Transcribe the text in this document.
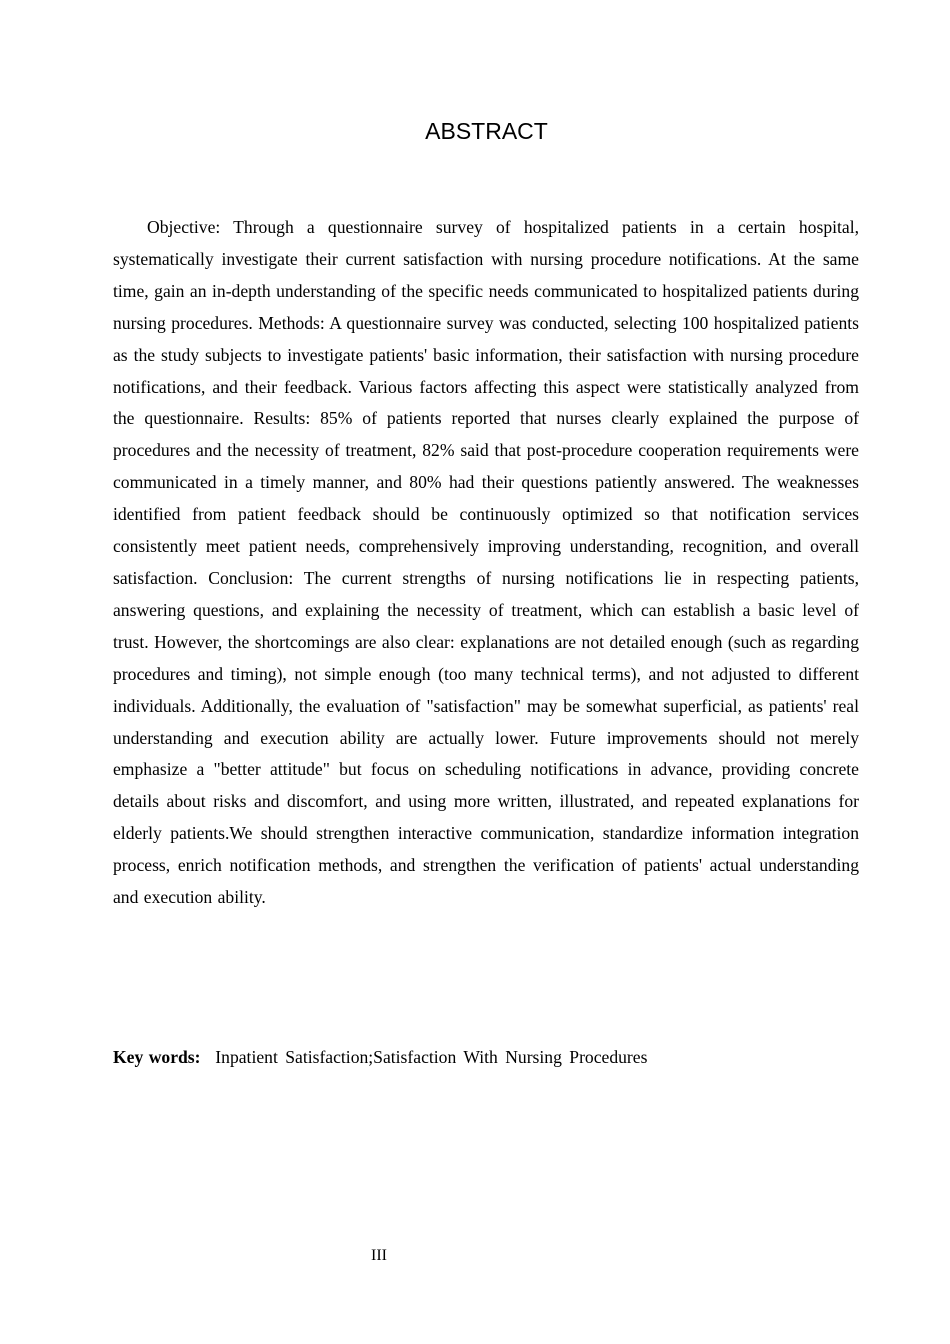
ABSTRACT

Objective: Through a questionnaire survey of hospitalized patients in a certain hospital, systematically investigate their current satisfaction with nursing procedure notifications. At the same time, gain an in-depth understanding of the specific needs communicated to hospitalized patients during nursing procedures. Methods: A questionnaire survey was conducted, selecting 100 hospitalized patients as the study subjects to investigate patients' basic information, their satisfaction with nursing procedure notifications, and their feedback. Various factors affecting this aspect were statistically analyzed from the questionnaire. Results: 85% of patients reported that nurses clearly explained the purpose of procedures and the necessity of treatment, 82% said that post-procedure cooperation requirements were communicated in a timely manner, and 80% had their questions patiently answered. The weaknesses identified from patient feedback should be continuously optimized so that notification services consistently meet patient needs, comprehensively improving understanding, recognition, and overall satisfaction. Conclusion: The current strengths of nursing notifications lie in respecting patients, answering questions, and explaining the necessity of treatment, which can establish a basic level of trust. However, the shortcomings are also clear: explanations are not detailed enough (such as regarding procedures and timing), not simple enough (too many technical terms), and not adjusted to different individuals. Additionally, the evaluation of "satisfaction" may be somewhat superficial, as patients' real understanding and execution ability are actually lower. Future improvements should not merely emphasize a "better attitude" but focus on scheduling notifications in advance, providing concrete details about risks and discomfort, and using more written, illustrated, and repeated explanations for elderly patients.We should strengthen interactive communication, standardize information integration process, enrich notification methods, and strengthen the verification of patients' actual understanding and execution ability.

Key words: Inpatient Satisfaction;Satisfaction With Nursing Procedures

III
